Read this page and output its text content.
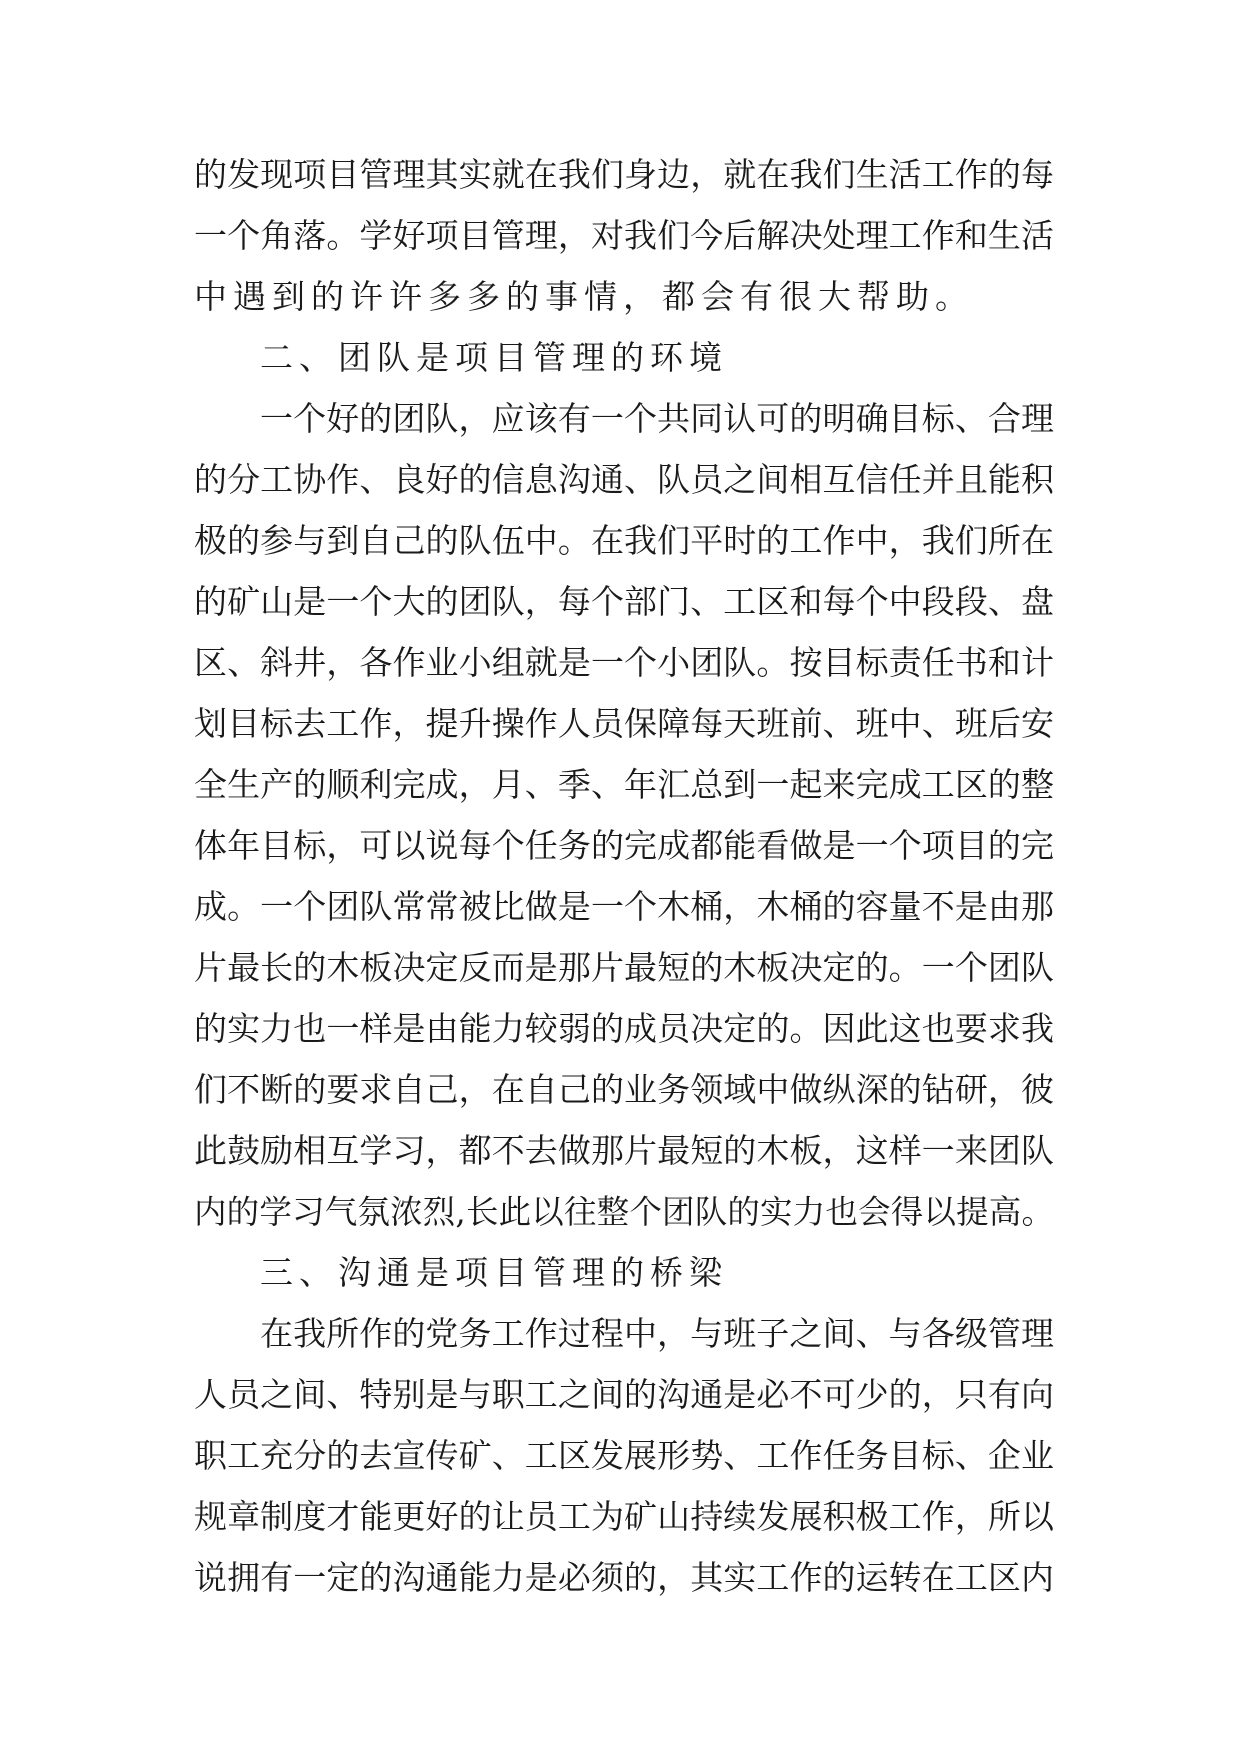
的发现项目管理其实就在我们身边，就在我们生活工作的每
一个角落。学好项目管理，对我们今后解决处理工作和生活
中遇到的许许多多的事情，都会有很大帮助。
二、团队是项目管理的环境
一个好的团队，应该有一个共同认可的明确目标、合理
的分工协作、良好的信息沟通、队员之间相互信任并且能积
极的参与到自己的队伍中。在我们平时的工作中，我们所在
的矿山是一个大的团队，每个部门、工区和每个中段段、盘
区、斜井，各作业小组就是一个小团队。按目标责任书和计
划目标去工作，提升操作人员保障每天班前、班中、班后安
全生产的顺利完成，月、季、年汇总到一起来完成工区的整
体年目标，可以说每个任务的完成都能看做是一个项目的完
成。一个团队常常被比做是一个木桶，木桶的容量不是由那
片最长的木板决定反而是那片最短的木板决定的。一个团队
的实力也一样是由能力较弱的成员决定的。因此这也要求我
们不断的要求自己，在自己的业务领域中做纵深的钻研，彼
此鼓励相互学习，都不去做那片最短的木板，这样一来团队
内的学习气氛浓烈,长此以往整个团队的实力也会得以提高。
三、沟通是项目管理的桥梁
在我所作的党务工作过程中，与班子之间、与各级管理
人员之间、特别是与职工之间的沟通是必不可少的，只有向
职工充分的去宣传矿、工区发展形势、工作任务目标、企业
规章制度才能更好的让员工为矿山持续发展积极工作，所以
说拥有一定的沟通能力是必须的，其实工作的运转在工区内
